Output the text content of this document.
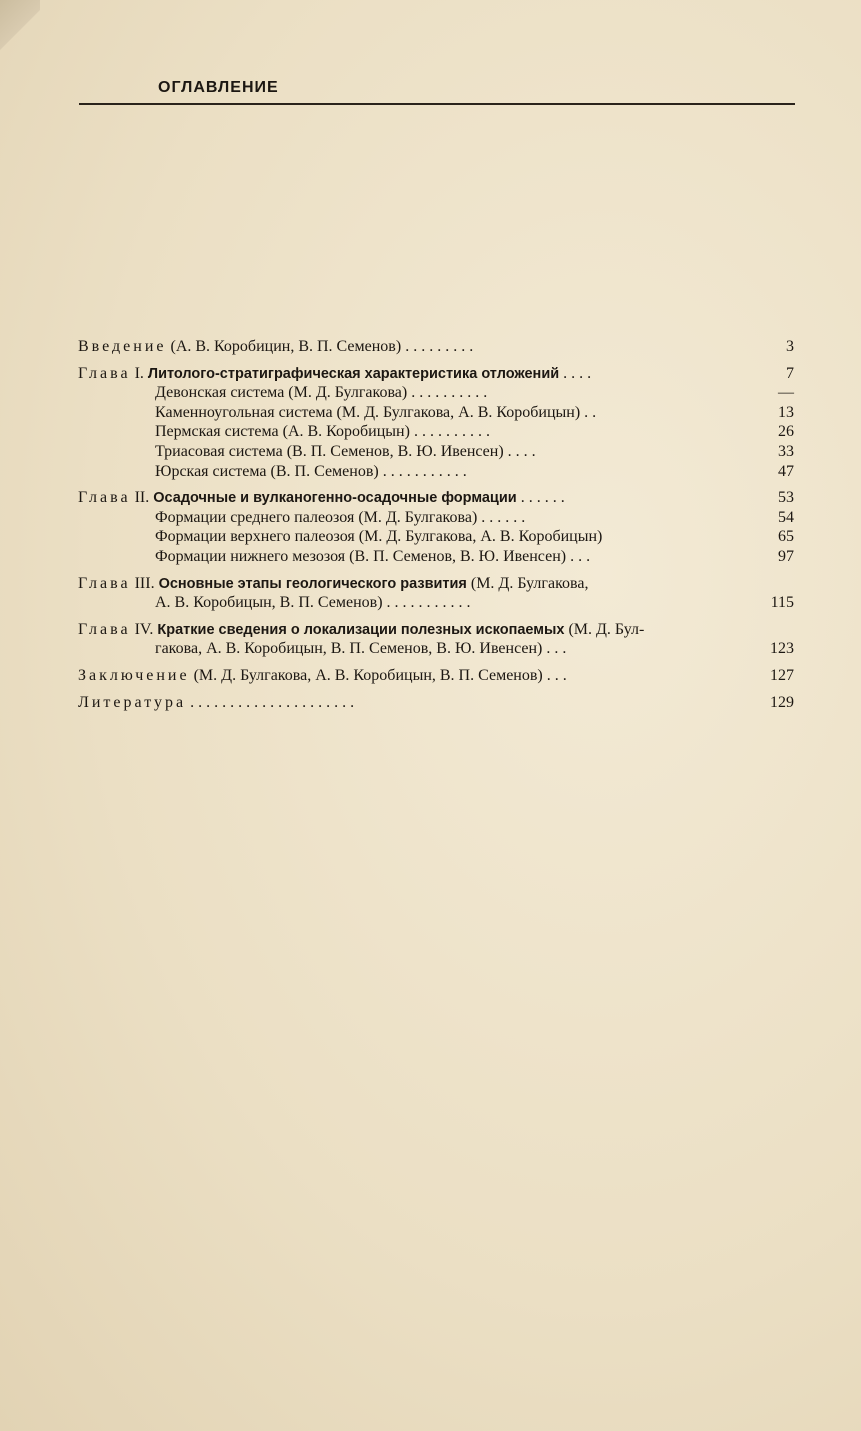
ОГЛАВЛЕНИЕ
Введение (А. В. Коробицин, В. П. Семенов) . . . . . . . . .	3
Глава I. Литолого-стратиграфическая характеристика отложений . . . .	7
Девонская система (М. Д. Булгакова) . . . . . . . . . .	—
Каменноугольная система (М. Д. Булгакова, А. В. Коробицын) . .	13
Пермская система (А. В. Коробицын) . . . . . . . . . .	26
Триасовая система (В. П. Семенов, В. Ю. Ивенсен) . . . .	33
Юрская система (В. П. Семенов) . . . . . . . . . . .	47
Глава II. Осадочные и вулканогенно-осадочные формации . . . . . .	53
Формации среднего палеозоя (М. Д. Булгакова) . . . . . .	54
Формации верхнего палеозоя (М. Д. Булгакова, А. В. Коробицын)	65
Формации нижнего мезозоя (В. П. Семенов, В. Ю. Ивенсен) . . .	97
Глава III. Основные этапы геологического развития (М. Д. Булгакова,
А. В. Коробицын, В. П. Семенов) . . . . . . . . . . .	115
Глава IV. Краткие сведения о локализации полезных ископаемых (М. Д. Бул-
гакова, А. В. Коробицын, В. П. Семенов, В. Ю. Ивенсен) . . .	123
Заключение (М. Д. Булгакова, А. В. Коробицын, В. П. Семенов) . . .	127
Литература . . . . . . . . . . . . . . . . . . . . .	129
